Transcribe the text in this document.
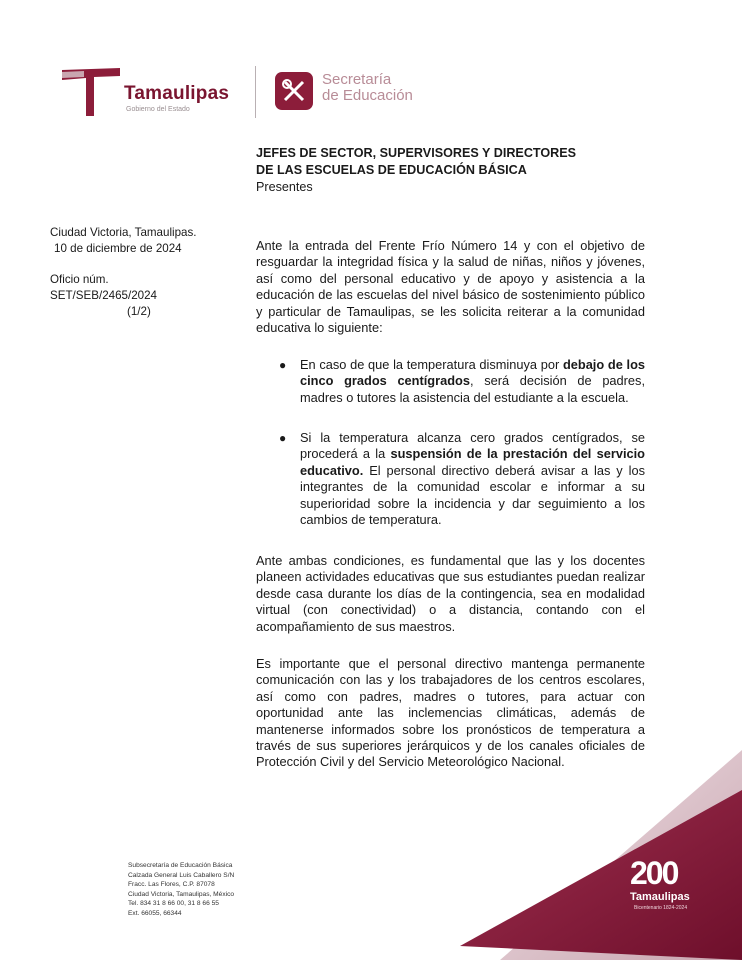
Tamaulipas
Gobierno del Estado
Secretaría
de Educación
JEFES DE SECTOR, SUPERVISORES Y DIRECTORES
DE LAS ESCUELAS DE EDUCACIÓN BÁSICA
Presentes
Ciudad Victoria, Tamaulipas.
10 de diciembre de 2024
Oficio núm.
SET/SEB/2465/2024
(1/2)
Ante la entrada del Frente Frío Número 14 y con el objetivo de resguardar la integridad física y la salud de niñas, niños y jóvenes, así como del personal educativo y de apoyo y asistencia a la educación de las escuelas del nivel básico de sostenimiento público y particular de Tamaulipas, se les solicita reiterar a la comunidad educativa lo siguiente:
● En caso de que la temperatura disminuya por debajo de los cinco grados centígrados, será decisión de padres, madres o tutores la asistencia del estudiante a la escuela.
● Si la temperatura alcanza cero grados centígrados, se procederá a la suspensión de la prestación del servicio educativo. El personal directivo deberá avisar a las y los integrantes de la comunidad escolar e informar a su superioridad sobre la incidencia y dar seguimiento a los cambios de temperatura.
Ante ambas condiciones, es fundamental que las y los docentes planeen actividades educativas que sus estudiantes puedan realizar desde casa durante los días de la contingencia, sea en modalidad virtual (con conectividad) o a distancia, contando con el acompañamiento de sus maestros.
Es importante que el personal directivo mantenga permanente comunicación con las y los trabajadores de los centros escolares, así como con padres, madres o tutores, para actuar con oportunidad ante las inclemencias climáticas, además de mantenerse informados sobre los pronósticos de temperatura a través de sus superiores jerárquicos y de los canales oficiales de Protección Civil y del Servicio Meteorológico Nacional.
Subsecretaría de Educación Básica
Calzada General Luis Caballero S/N
Fracc. Las Flores, C.P. 87078
Ciudad Victoria, Tamaulipas, México
Tel. 834 31 8 66 00, 31 8 66 55
Ext. 66055, 66344
200
Tamaulipas
Bicentenario 1824-2024
